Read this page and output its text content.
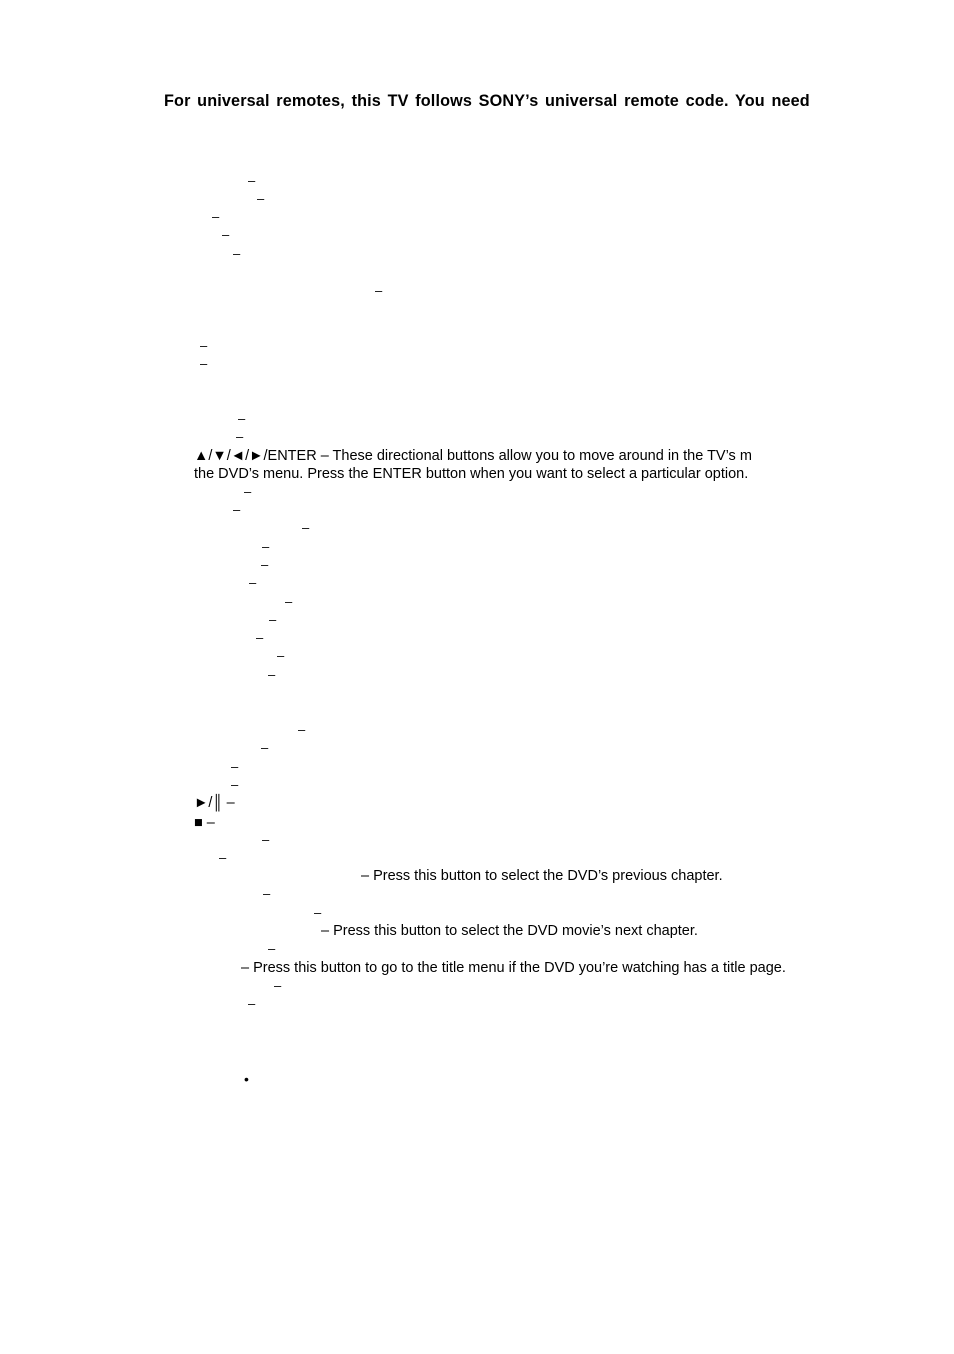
For universal remotes, this TV follows SONY’s universal remote code. You need
–
–
–
–
–
–
–
–
–
–
▲/▼/◄/►/ENTER – These directional buttons allow you to move around in the TV’s m
the DVD’s menu. Press the ENTER button when you want to select a particular option.
–
–
–
–
–
–
–
–
–
–
–
–
–
–
–
►/║ –
■ –
–
–
– Press this button to select the DVD’s previous chapter.
–
–
– Press this button to select the DVD movie’s next chapter.
–
– Press this button to go to the title menu if the DVD you’re watching has a title page.
–
–
•
